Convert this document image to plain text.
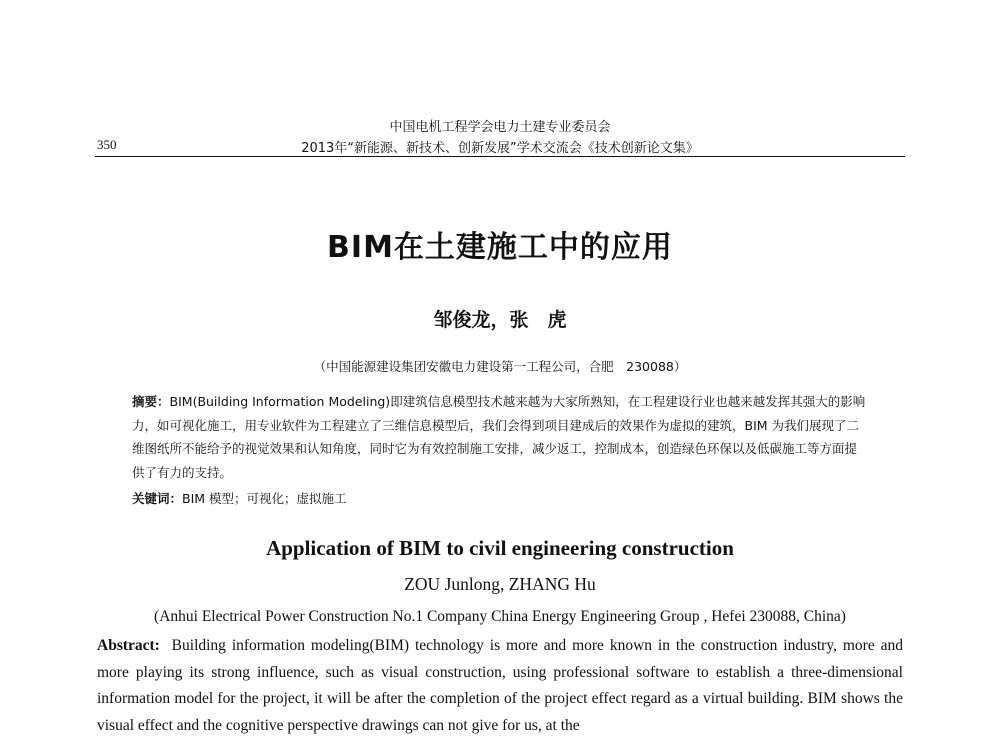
中国电机工程学会电力土建专业委员会
350	2013年“新能源、新技术、创新发展”学术交流会《技术创新论文集》
BIM在土建施工中的应用
邹俊龙，张　虎
（中国能源建设集团安徽电力建设第一工程公司，合肥　230088）
摘要：BIM(Building Information Modeling)即建筑信息模型技术越来越为大家所熟知，在工程建设行业也越来越发挥其强大的影响力，如可视化施工，用专业软件为工程建立了三维信息模型后，我们会得到项目建成后的效果作为虚拟的建筑，BIM 为我们展现了二维图纸所不能给予的视觉效果和认知角度，同时它为有效控制施工安排，减少返工，控制成本，创造绿色环保以及低碳施工等方面提供了有力的支持。
关键词：BIM 模型；可视化；虚拟施工
Application of BIM to civil engineering construction
ZOU Junlong, ZHANG Hu
(Anhui Electrical Power Construction No.1 Company China Energy Engineering Group , Hefei 230088, China)
Abstract: Building information modeling(BIM) technology is more and more known in the construction industry, more and more playing its strong influence, such as visual construction, using professional software to establish a three-dimensional information model for the project, it will be after the completion of the project effect regard as a virtual building. BIM shows the visual effect and the cognitive perspective drawings can not give for us, at the
